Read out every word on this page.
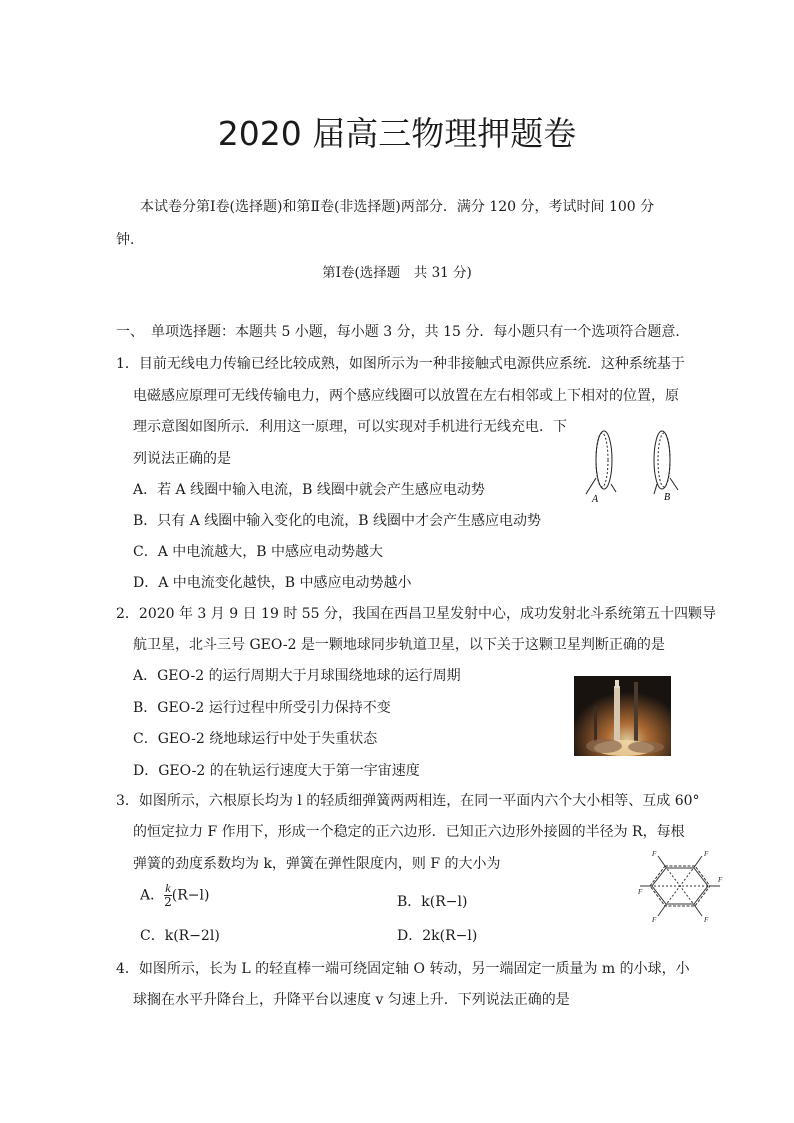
2020 届高三物理押题卷
本试卷分第Ⅰ卷(选择题)和第Ⅱ卷(非选择题)两部分．满分 120 分，考试时间 100 分
钟．
第Ⅰ卷(选择题　共 31 分)
一、　单项选择题：本题共 5 小题，每小题 3 分，共 15 分．每小题只有一个选项符合题意．
1．目前无线电力传输已经比较成熟，如图所示为一种非接触式电源供应系统．这种系统基于
电磁感应原理可无线传输电力，两个感应线圈可以放置在左右相邻或上下相对的位置，原
理示意图如图所示．利用这一原理，可以实现对手机进行无线充电．下
列说法正确的是
A．若 A 线圈中输入电流，B 线圈中就会产生感应电动势
B．只有 A 线圈中输入变化的电流，B 线圈中才会产生感应电动势
C．A 中电流越大，B 中感应电动势越大
D．A 中电流变化越快，B 中感应电动势越小
A	B
2．2020 年 3 月 9 日 19 时 55 分，我国在西昌卫星发射中心，成功发射北斗系统第五十四颗导
航卫星，北斗三号 GEO-2 是一颗地球同步轨道卫星，以下关于这颗卫星判断正确的是
A．GEO-2 的运行周期大于月球围绕地球的运行周期
B．GEO-2 运行过程中所受引力保持不变
C．GEO-2 绕地球运行中处于失重状态
D．GEO-2 的在轨运行速度大于第一宇宙速度
3．如图所示，六根原长均为 l 的轻质细弹簧两两相连，在同一平面内六个大小相等、互成 60°
的恒定拉力 F 作用下，形成一个稳定的正六边形．已知正六边形外接圆的半径为 R，每根
弹簧的劲度系数均为 k，弹簧在弹性限度内，则 F 的大小为
A． $\frac{k}{2} (R-l)$	B．k(R−l)
C．k(R−2l)	D．2k(R−l)
F	F
F
F
F
F
4．如图所示，长为 L 的轻直棒一端可绕固定轴 O 转动，另一端固定一质量为 m 的小球，小
球搁在水平升降台上，升降平台以速度 v 匀速上升．下列说法正确的是
